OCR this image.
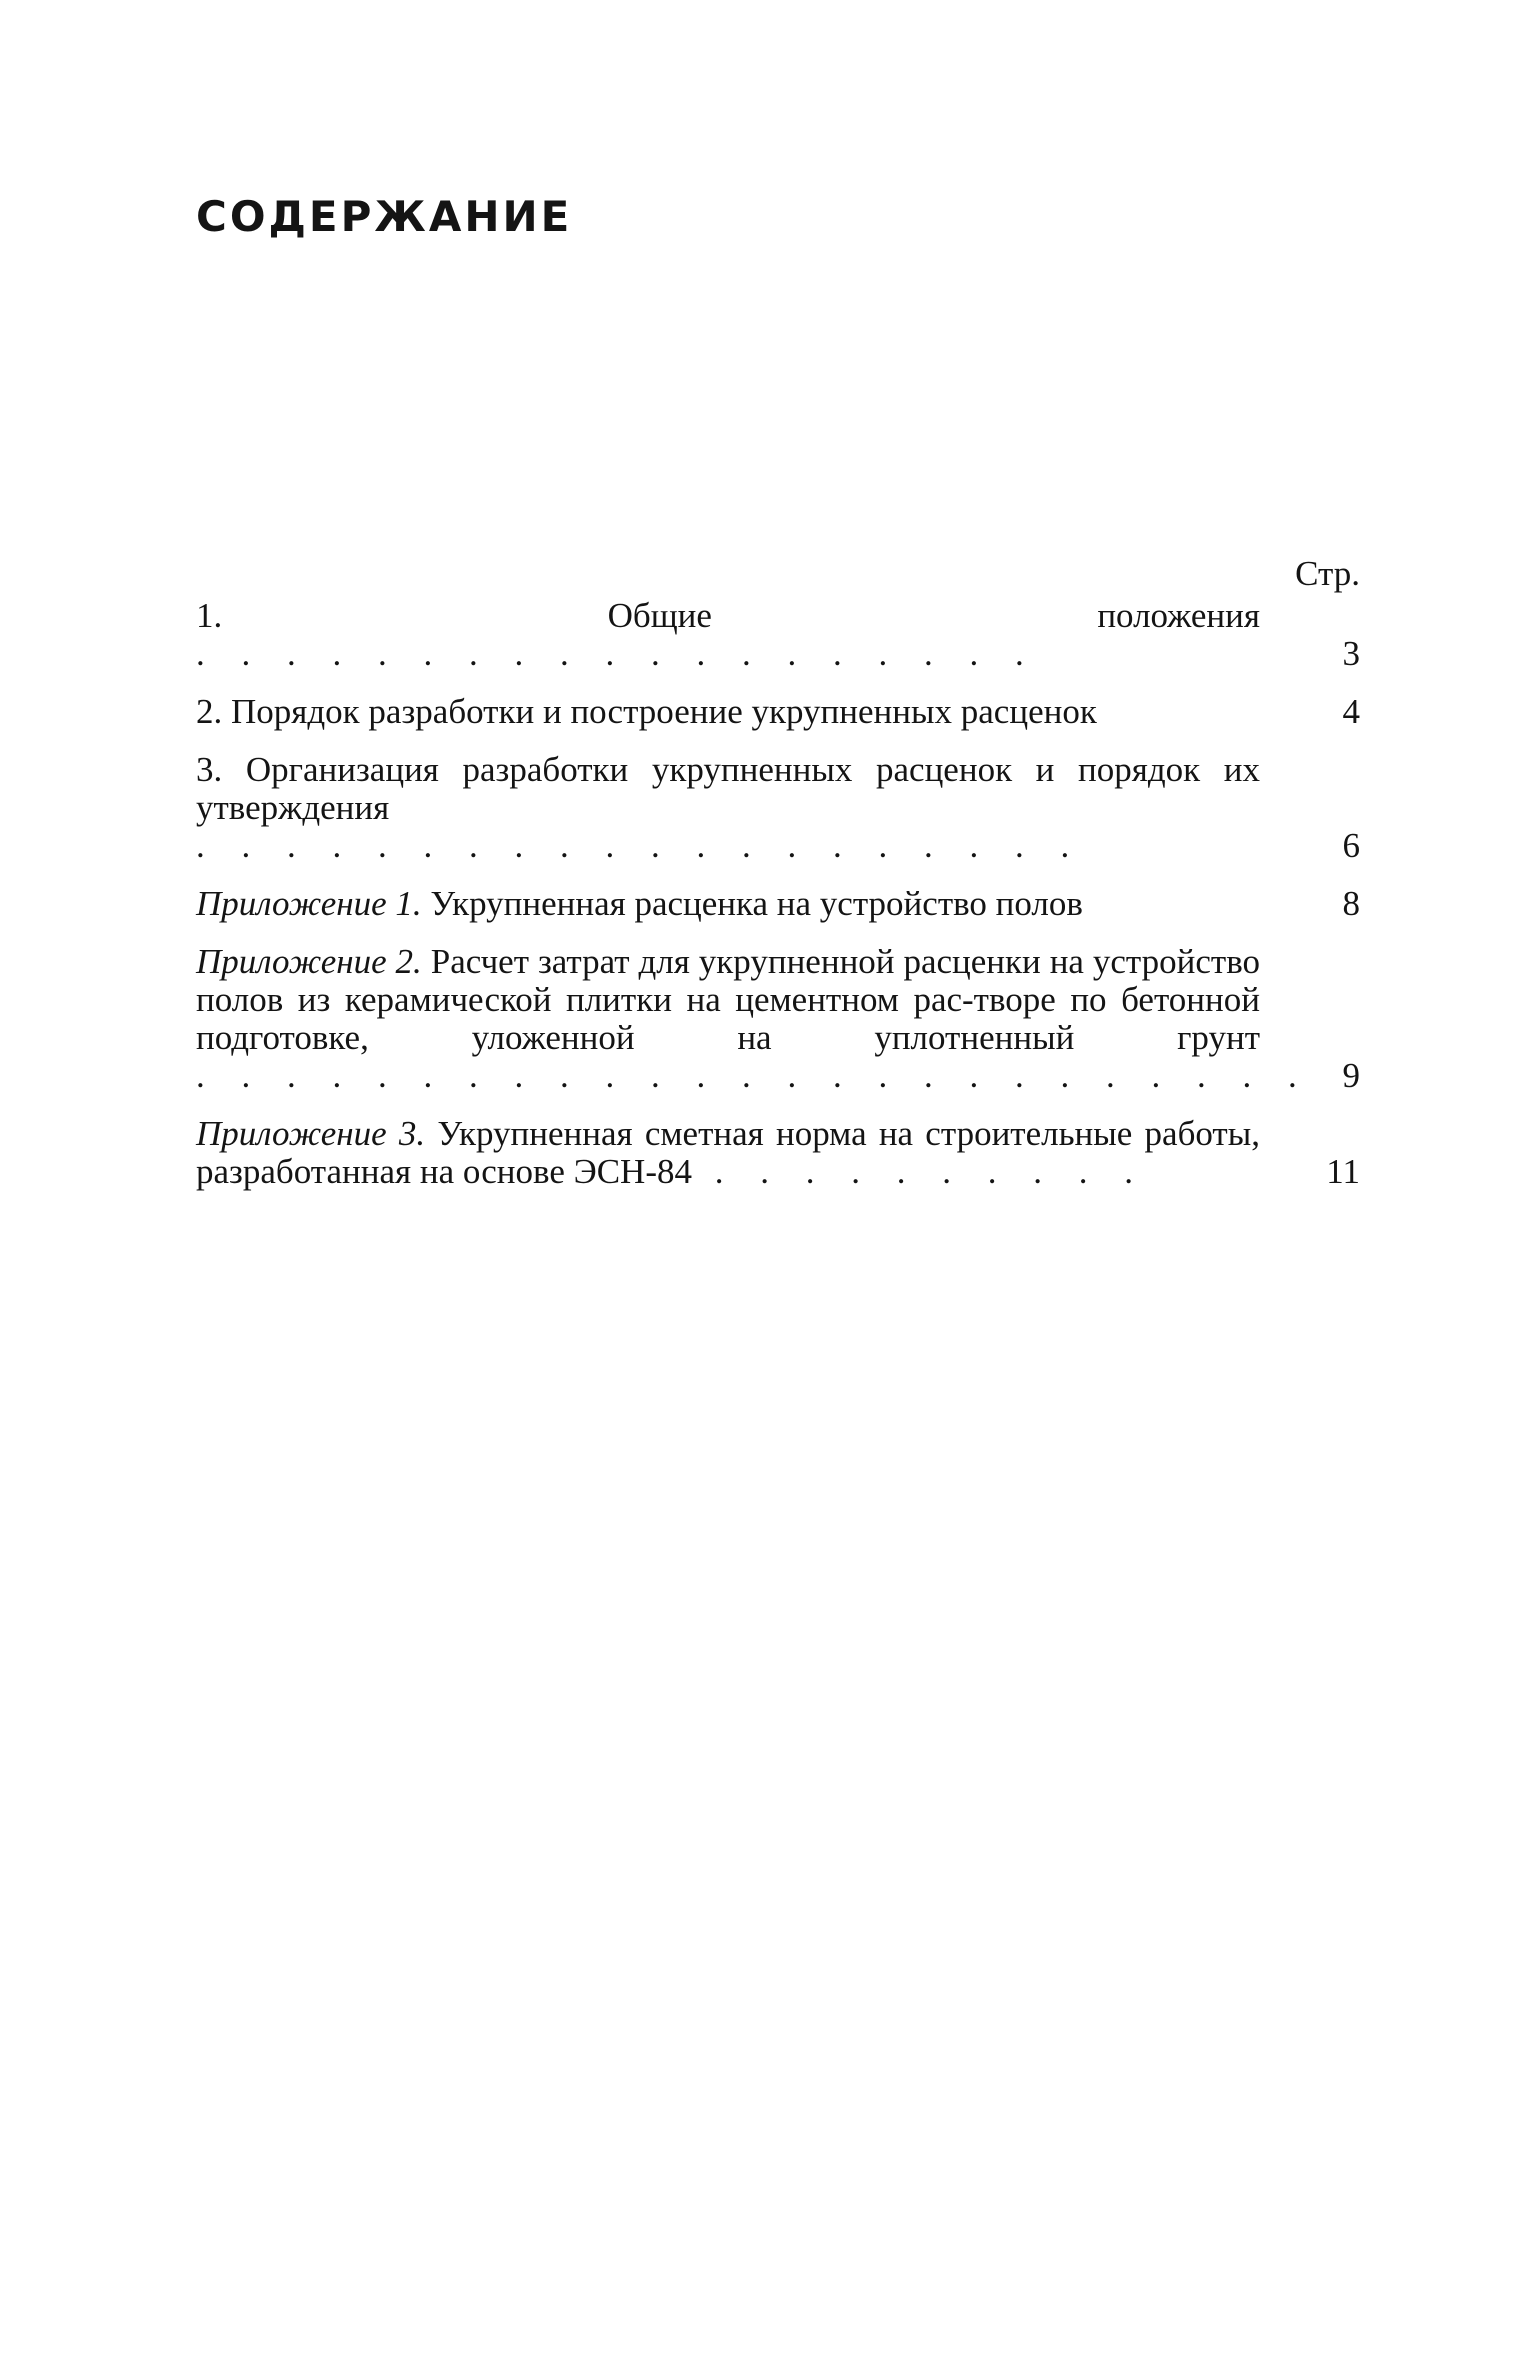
СОДЕРЖАНИЕ
Стр.
1. Общие положения . . . . . . . . . . . . . . . . . . .	3
2. Порядок разработки и построение укрупненных расценок	4
3. Организация разработки укрупненных расценок и порядок их утверждения . . . . . . . . . . . . . . . . . . . .	6
Приложение 1. Укрупненная расценка на устройство полов	8
Приложение 2. Расчет затрат для укрупненной расценки на устройство полов из керамической плитки на цементном рас-творе по бетонной подготовке, уложенной на уплотненный грунт . . . . . . . . . . . . . . . . . . . . . . . . . 9
Приложение 3. Укрупненная сметная норма на строительные работы, разработанная на основе ЭСН-84 . . . . . . . . . .	11
